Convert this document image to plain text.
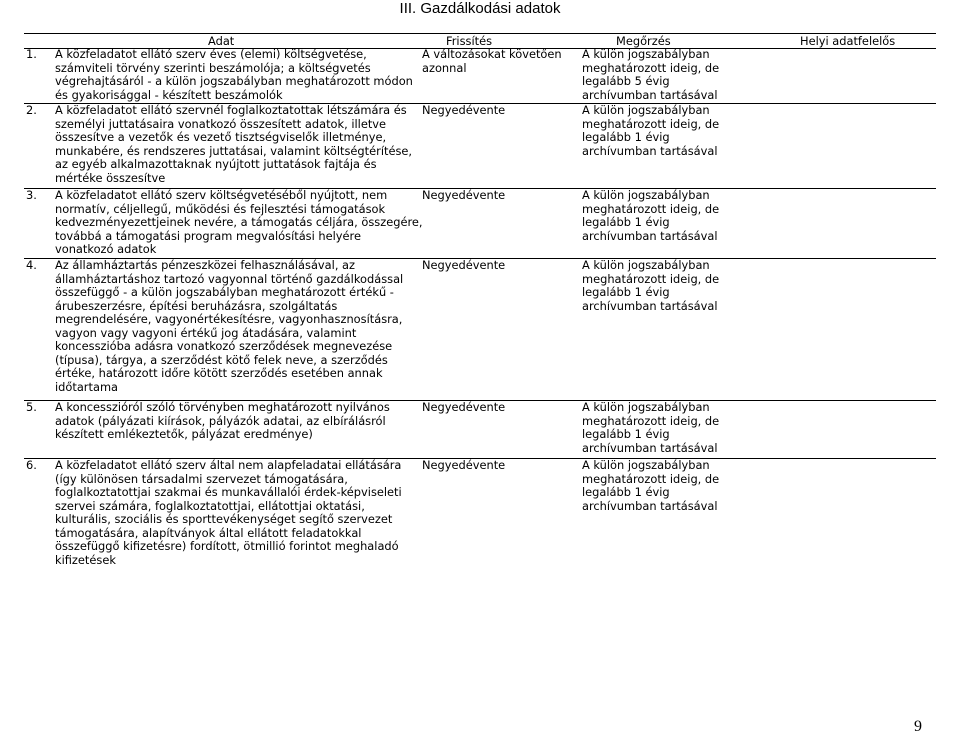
III. Gazdálkodási adatok
Adat	Frissítés	Megőrzés	Helyi adatfelelős
1. A közfeladatot ellátó szerv éves (elemi) költségvetése, számviteli törvény szerinti beszámolója; a költségvetés végrehajtásáról - a külön jogszabályban meghatározott módon és gyakorisággal - készített beszámolók
A változásokat követően azonnal
A külön jogszabályban meghatározott ideig, de legalább 5 évig archívumban tartásával
2. A közfeladatot ellátó szervnél foglalkoztatottak létszámára és személyi juttatásaira vonatkozó összesített adatok, illetve összesítve a vezetők és vezető tisztségviselők illetménye, munkabére, és rendszeres juttatásai, valamint költségtérítése, az egyéb alkalmazottaknak nyújtott juttatások fajtája és mértéke összesítve
Negyedévente	A külön jogszabályban meghatározott ideig, de legalább 1 évig archívumban tartásával
3. A közfeladatot ellátó szerv költségvetéséből nyújtott, nem normatív, céljellegű, működési és fejlesztési támogatások kedvezményezettjeinek nevére, a támogatás céljára, összegére, továbbá a támogatási program megvalósítási helyére vonatkozó adatok
Negyedévente	A külön jogszabályban meghatározott ideig, de legalább 1 évig archívumban tartásával
4. Az államháztartás pénzeszközei felhasználásával, az államháztartáshoz tartozó vagyonnal történő gazdálkodással összefüggő - a külön jogszabályban meghatározott értékű - árubeszerzésre, építési beruházásra, szolgáltatás megrendelésére, vagyonértékesítésre, vagyonhasznosításra, vagyon vagy vagyoni értékű jog átadására, valamint koncesszióba adásra vonatkozó szerződések megnevezése (típusa), tárgya, a szerződést kötő felek neve, a szerződés értéke, határozott időre kötött szerződés esetében annak időtartama
Negyedévente	A külön jogszabályban meghatározott ideig, de legalább 1 évig archívumban tartásával
5. A koncesszióról szóló törvényben meghatározott nyilvános adatok (pályázati kiírások, pályázók adatai, az elbírálásról készített emlékeztetők, pályázat eredménye)
Negyedévente	A külön jogszabályban meghatározott ideig, de legalább 1 évig archívumban tartásával
6. A közfeladatot ellátó szerv által nem alapfeladatai ellátására (így különösen társadalmi szervezet támogatására, foglalkoztatottjai szakmai és munkavállalói érdek-képviseleti szervei számára, foglalkoztatottjai, ellátottjai oktatási, kulturális, szociális és sporttevékenységet segítő szervezet támogatására, alapítványok által ellátott feladatokkal összefüggő kifizetésre) fordított, ötmillió forintot meghaladó kifizetések
Negyedévente	A külön jogszabályban meghatározott ideig, de legalább 1 évig archívumban tartásával
9
